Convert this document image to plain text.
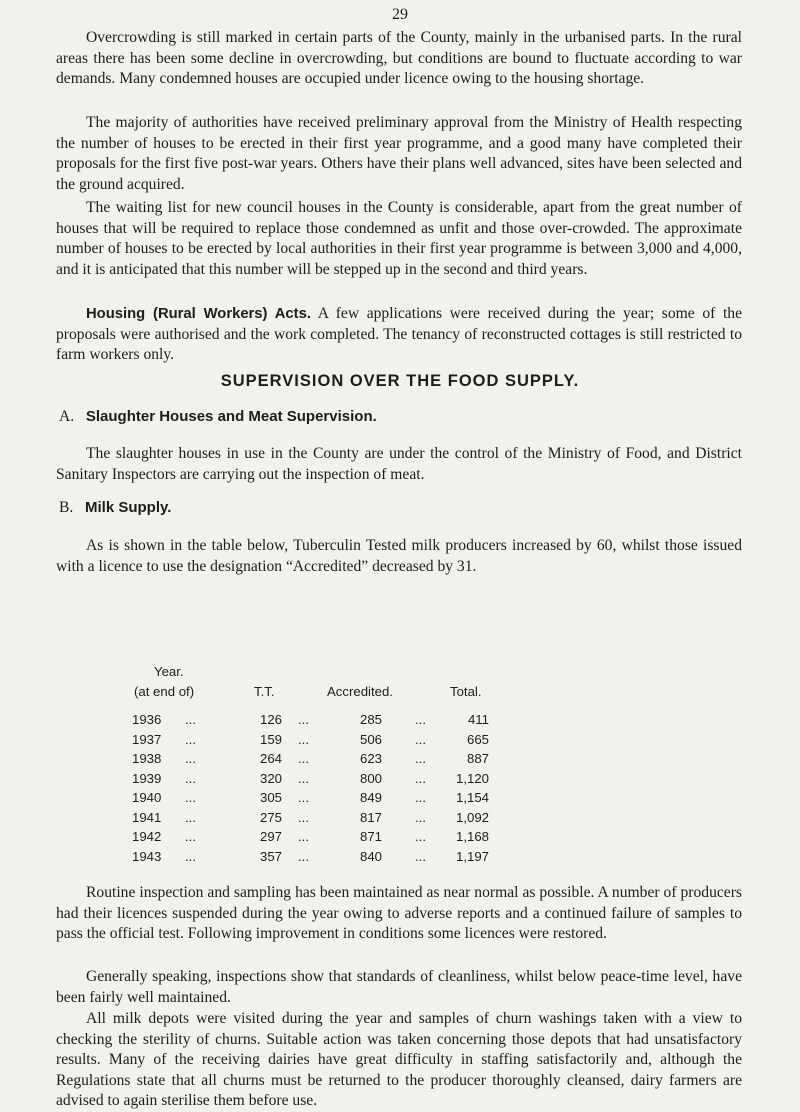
29

Overcrowding is still marked in certain parts of the County, mainly in the urbanised parts. In the rural areas there has been some decline in overcrowding, but conditions are bound to fluctuate according to war demands. Many condemned houses are occupied under licence owing to the housing shortage.

The majority of authorities have received preliminary approval from the Ministry of Health respecting the number of houses to be erected in their first year programme, and a good many have completed their proposals for the first five post-war years. Others have their plans well advanced, sites have been selected and the ground acquired.

The waiting list for new council houses in the County is considerable, apart from the great number of houses that will be required to replace those condemned as unfit and those over-crowded. The approximate number of houses to be erected by local authorities in their first year programme is between 3,000 and 4,000, and it is anticipated that this number will be stepped up in the second and third years.

Housing (Rural Workers) Acts. A few applications were received during the year; some of the proposals were authorised and the work completed. The tenancy of reconstructed cottages is still restricted to farm workers only.

SUPERVISION OVER THE FOOD SUPPLY.
A. Slaughter Houses and Meat Supervision.

The slaughter houses in use in the County are under the control of the Ministry of Food, and District Sanitary Inspectors are carrying out the inspection of meat.

B. Milk Supply.

As is shown in the table below, Tuberculin Tested milk producers increased by 60, whilst those issued with a licence to use the designation “Accredited” decreased by 31.

Year.
(at end of)	T.T.	Accredited.	Total.
1936 ...	126 ...	285	...	411
1937 ...	159 ...	506	...	665
1938 ...	264 ...	623	...	887
1939 ...	320 ...	800	...	1,120
1940 ...	305 ...	849	...	1,154
1941 ...	275 ...	817	...	1,092
1942 ...	297 ...	871	...	1,168
1943 ...	357 ...	840	...	1,197

Routine inspection and sampling has been maintained as near normal as possible. A number of producers had their licences suspended during the year owing to adverse reports and a continued failure of samples to pass the official test. Following improvement in conditions some licences were restored.

Generally speaking, inspections show that standards of cleanliness, whilst below peace-time level, have been fairly well maintained.

All milk depots were visited during the year and samples of churn washings taken with a view to checking the sterility of churns. Suitable action was taken concerning those depots that had unsatisfactory results. Many of the receiving dairies have great difficulty in staffing satisfactorily and, although the Regulations state that all churns must be returned to the producer thoroughly cleansed, dairy farmers are advised to again sterilise them before use.
